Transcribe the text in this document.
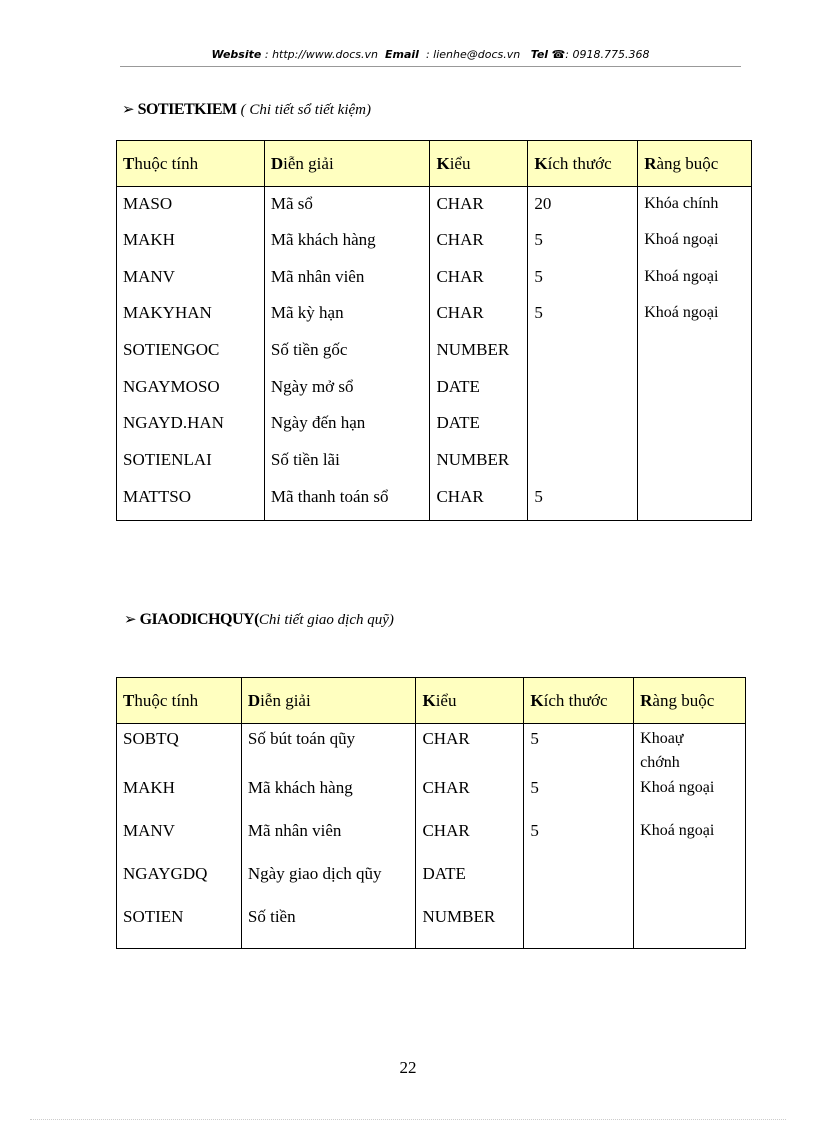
Website : http://www.docs.vn Email  : lienhe@docs.vn Tel ☎: 0918.775.368
➢ SOTIETKIEM ( Chi tiết sổ tiết kiệm)
Thuộc tính	Diễn giải	Kiểu	Kích thước	Ràng buộc
MASO	Mã sổ	CHAR	20	Khóa chính
MAKH	Mã khách hàng	CHAR	5	Khoá ngoại
MANV	Mã nhân viên	CHAR	5	Khoá ngoại
MAKYHAN	Mã kỳ hạn	CHAR	5	Khoá ngoại
SOTIENGOC	Số tiền gốc	NUMBER		
NGAYMOSO	Ngày mở sổ	DATE		
NGAYD.HAN	Ngày đến hạn	DATE		
SOTIENLAI	Số tiền lãi	NUMBER		
MATTSO	Mã thanh toán sổ	CHAR	5	
➢ GIAODICHQUY(Chi tiết giao dịch quỹ)
Thuộc tính	Diễn giải	Kiểu	Kích thước	Ràng buộc
SOBTQ	Số bút toán qũy	CHAR	5	Khoaự
chớnh

MAKH	Mã khách hàng	CHAR	5	Khoá ngoại
MANV	Mã nhân viên	CHAR	5	Khoá ngoại
NGAYGDQ	Ngày giao dịch qũy	DATE		
SOTIEN	Số tiền	NUMBER		
22
